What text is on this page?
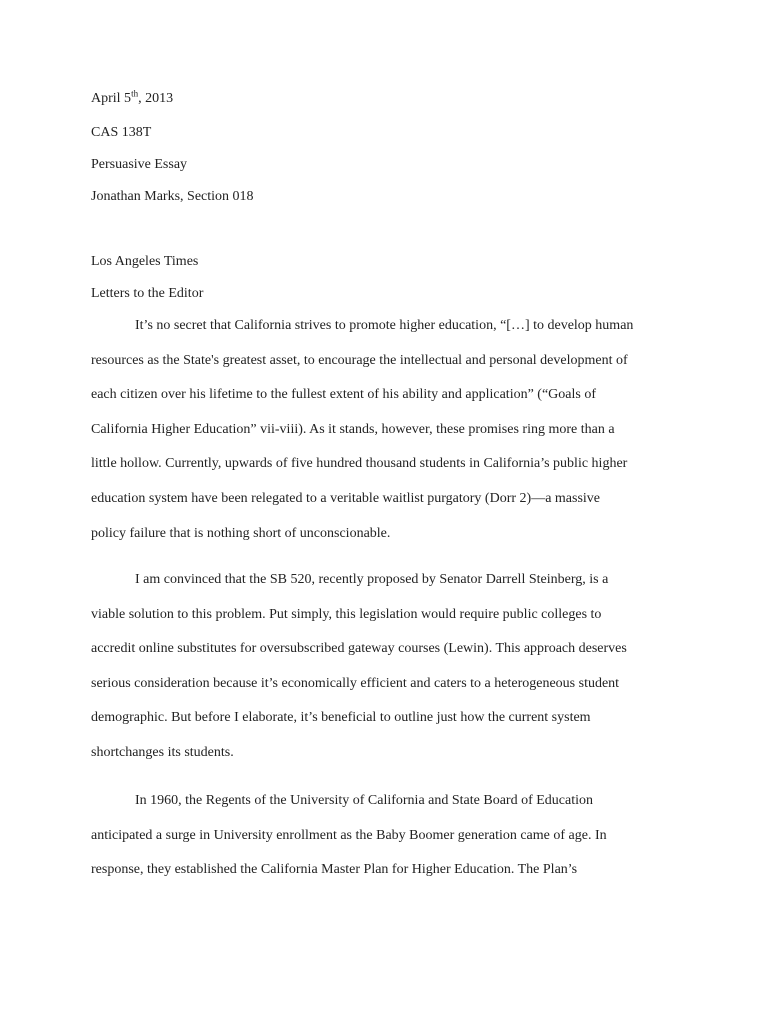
April 5th, 2013
CAS 138T
Persuasive Essay
Jonathan Marks, Section 018
Los Angeles Times
Letters to the Editor

It’s no secret that California strives to promote higher education, “[…] to develop human
resources as the State's greatest asset, to encourage the intellectual and personal development of
each citizen over his lifetime to the fullest extent of his ability and application” (“Goals of
California Higher Education” vii-viii). As it stands, however, these promises ring more than a
little hollow. Currently, upwards of five hundred thousand students in California’s public higher
education system have been relegated to a veritable waitlist purgatory (Dorr 2)—a massive
policy failure that is nothing short of unconscionable.

I am convinced that the SB 520, recently proposed by Senator Darrell Steinberg, is a
viable solution to this problem. Put simply, this legislation would require public colleges to
accredit online substitutes for oversubscribed gateway courses (Lewin). This approach deserves
serious consideration because it’s economically efficient and caters to a heterogeneous student
demographic. But before I elaborate, it’s beneficial to outline just how the current system
shortchanges its students.

In 1960, the Regents of the University of California and State Board of Education
anticipated a surge in University enrollment as the Baby Boomer generation came of age. In
response, they established the California Master Plan for Higher Education. The Plan’s
